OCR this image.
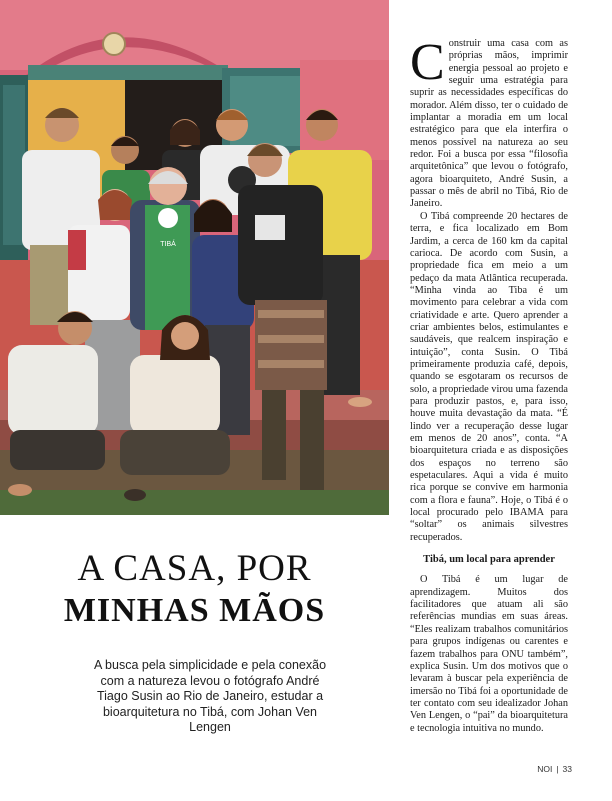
TIBÁ
A CASA, POR
MINHAS MÃOS
A busca pela simplicidade e pela conexão com a natureza levou o fotógrafo André Tiago Susin ao Rio de Janeiro, estudar a bioarquitetura no Tibá, com Johan Ven Lengen

Construir uma casa com as próprias mãos, imprimir energia pessoal ao projeto e seguir uma estratégia para suprir as necessidades específicas do morador. Além disso, ter o cuidado de implantar a moradia em um local estratégico para que ela interfira o menos possível na natureza ao seu redor. Foi a busca por essa “filosofia arquitetônica” que levou o fotógrafo, agora bioarquiteto, André Susin, a passar o mês de abril no Tibá, Rio de Janeiro.

O Tibá compreende 20 hectares de terra, e fica localizado em Bom Jardim, a cerca de 160 km da capital carioca. De acordo com Susin, a propriedade fica em meio a um pedaço da mata Atlântica recuperada. “Minha vinda ao Tiba é um movimento para celebrar a vida com criatividade e arte. Quero aprender a criar ambientes belos, estimulantes e saudáveis, que realcem inspiração e intuição”, conta Susin. O Tibá primeiramente produzia café, depois, quando se esgotaram os recursos de solo, a propriedade virou uma fazenda para produzir pastos, e, para isso, houve muita devastação da mata. “É lindo ver a recuperação desse lugar em menos de 20 anos”, conta. “A bioarquitetura criada e as disposições dos espaços no terreno são espetaculares. Aqui a vida é muito rica porque se convive em harmonia com a flora e fauna”. Hoje, o Tibá é o local procurado pelo IBAMA para “soltar” os animais silvestres recuperados.

Tibá, um local para aprender

O Tibá é um lugar de aprendizagem. Muitos dos facilitadores que atuam ali são referências mundias em suas áreas. “Eles realizam trabalhos comunitários para grupos indígenas ou carentes e fazem trabalhos para ONU também”, explica Susin. Um dos motivos que o levaram à buscar pela experiência de imersão no Tibá foi a oportunidade de ter contato com seu idealizador Johan Ven Lengen, o “pai” da bioarquitetura e tecnologia intuitiva no mundo.

NOI | 33
